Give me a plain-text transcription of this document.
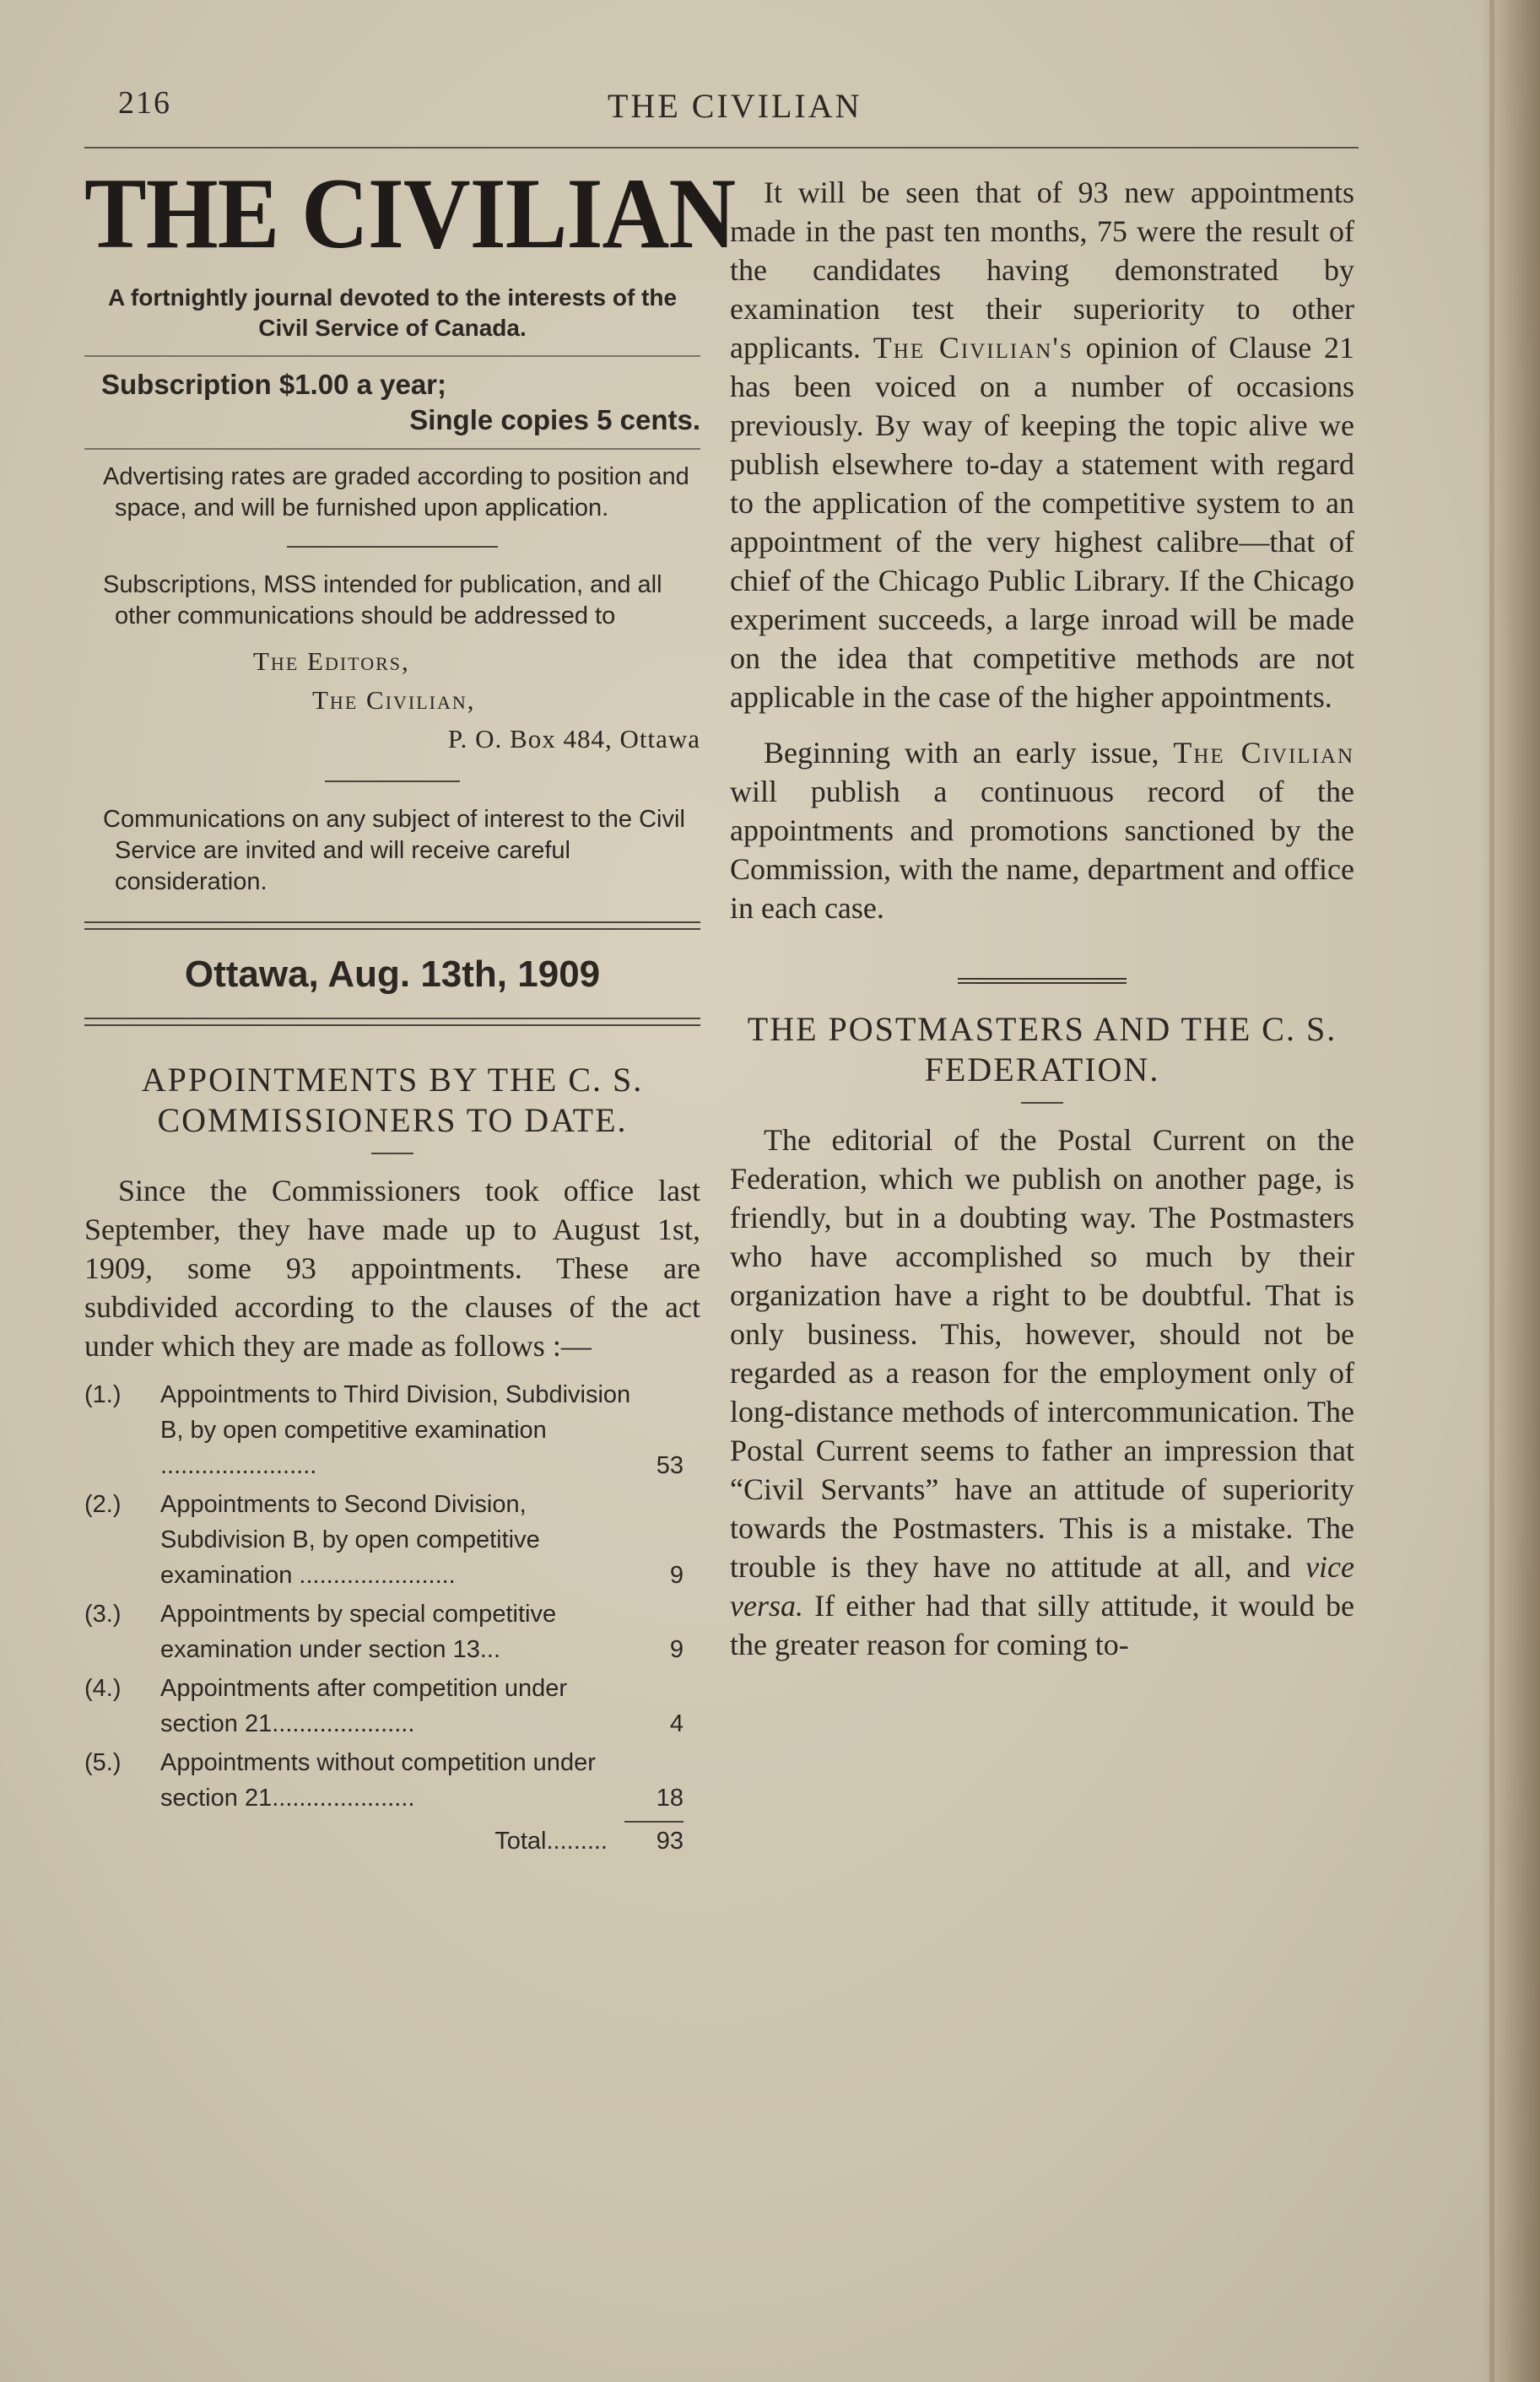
216	THE CIVILIAN
THE CIVILIAN
A fortnightly journal devoted to the interests of the Civil Service of Canada.
Subscription $1.00 a year;
Single copies 5 cents.
Advertising rates are graded according to position and space, and will be furnished upon application.
Subscriptions, MSS intended for publication, and all other communications should be addressed to

The Editors,

The Civilian,

P. O. Box 484, Ottawa

Communications on any subject of interest to the Civil Service are invited and will receive careful consideration.
Ottawa, Aug. 13th, 1909
APPOINTMENTS BY THE C. S. COMMISSIONERS TO DATE.

Since the Commissioners took office last September, they have made up to August 1st, 1909, some 93 appointments. These are subdivided according to the clauses of the act under which they are made as follows :—

(1.) Appointments to Third Division, Subdivision B, by open competitive examination .......................	53
(2.) Appointments to Second Division, Subdivision B, by open competitive examination .......................	9
(3.) Appointments by special competitive examination under section 13...	9
(4.) Appointments after competition under section 21.....................	4
(5.) Appointments without competition under section 21.....................	18
Total......... 93

It will be seen that of 93 new appointments made in the past ten months, 75 were the result of the candidates having demonstrated by examination test their superiority to other applicants. The Civilian's opinion of Clause 21 has been voiced on a number of occasions previously. By way of keeping the topic alive we publish elsewhere to-day a statement with regard to the application of the competitive system to an appointment of the very highest calibre—that of chief of the Chicago Public Library. If the Chicago experiment succeeds, a large inroad will be made on the idea that competitive methods are not applicable in the case of the higher appointments.

Beginning with an early issue, The Civilian will publish a continuous record of the appointments and promotions sanctioned by the Commission, with the name, department and office in each case.

THE POSTMASTERS AND THE C. S. FEDERATION.

The editorial of the Postal Current on the Federation, which we publish on another page, is friendly, but in a doubting way. The Postmasters who have accomplished so much by their organization have a right to be doubtful. That is only business. This, however, should not be regarded as a reason for the employment only of long-distance methods of intercommunication. The Postal Current seems to father an impression that “Civil Servants” have an attitude of superiority towards the Postmasters. This is a mistake. The trouble is they have no attitude at all, and vice versa. If either had that silly attitude, it would be the greater reason for coming to-
